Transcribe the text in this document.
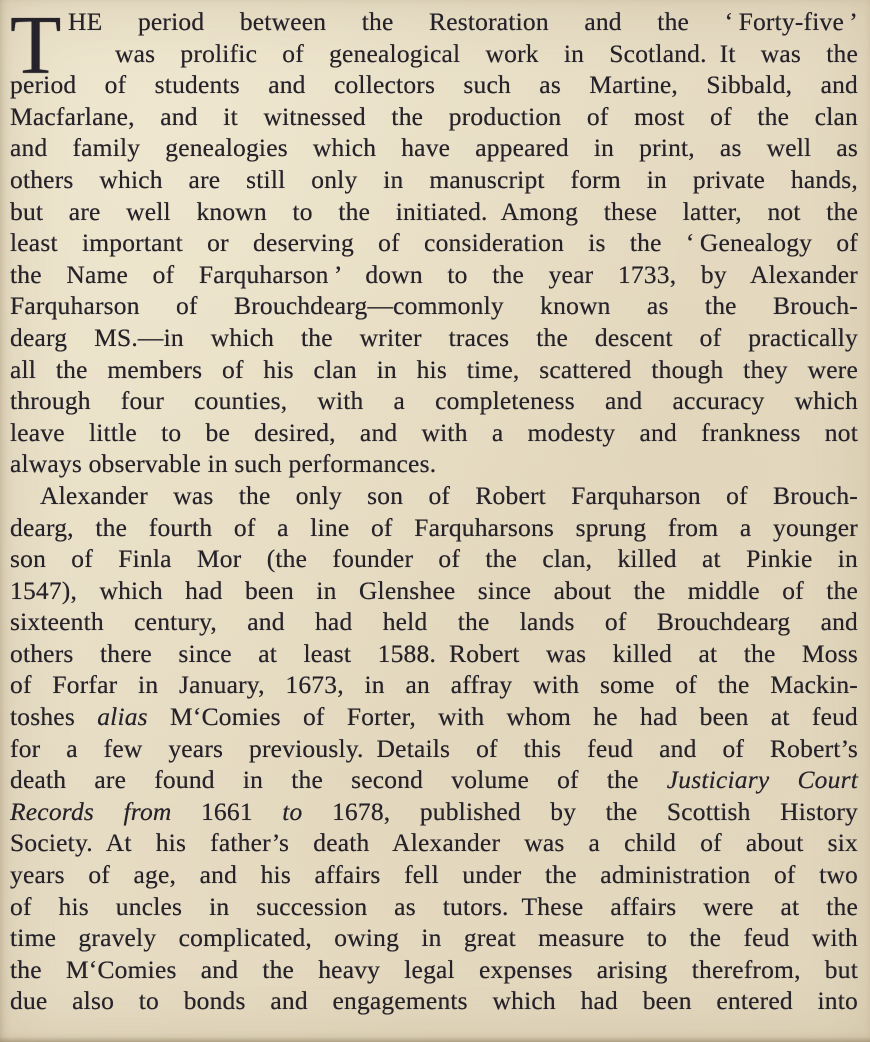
T HE period between the Restoration and the ‘ Forty-five ’
was prolific of genealogical work in Scotland. It was the
period of students and collectors such as Martine, Sibbald, and
Macfarlane, and it witnessed the production of most of the clan
and family genealogies which have appeared in print, as well as
others which are still only in manuscript form in private hands,
but are well known to the initiated. Among these latter, not the
least important or deserving of consideration is the ‘ Genealogy of
the Name of Farquharson ’ down to the year 1733, by Alexander
Farquharson of Brouchdearg—commonly known as the Brouch-
dearg MS.—in which the writer traces the descent of practically
all the members of his clan in his time, scattered though they were
through four counties, with a completeness and accuracy which
leave little to be desired, and with a modesty and frankness not
always observable in such performances.
Alexander was the only son of Robert Farquharson of Brouch-
dearg, the fourth of a line of Farquharsons sprung from a younger
son of Finla Mor (the founder of the clan, killed at Pinkie in
1547), which had been in Glenshee since about the middle of the
sixteenth century, and had held the lands of Brouchdearg and
others there since at least 1588. Robert was killed at the Moss
of Forfar in January, 1673, in an affray with some of the Mackin-
toshes alias M‘Comies of Forter, with whom he had been at feud
for a few years previously. Details of this feud and of Robert’s
death are found in the second volume of the Justiciary Court
Records from 1661 to 1678, published by the Scottish History
Society. At his father’s death Alexander was a child of about six
years of age, and his affairs fell under the administration of two
of his uncles in succession as tutors. These affairs were at the
time gravely complicated, owing in great measure to the feud with
the M‘Comies and the heavy legal expenses arising therefrom, but
due also to bonds and engagements which had been entered into
